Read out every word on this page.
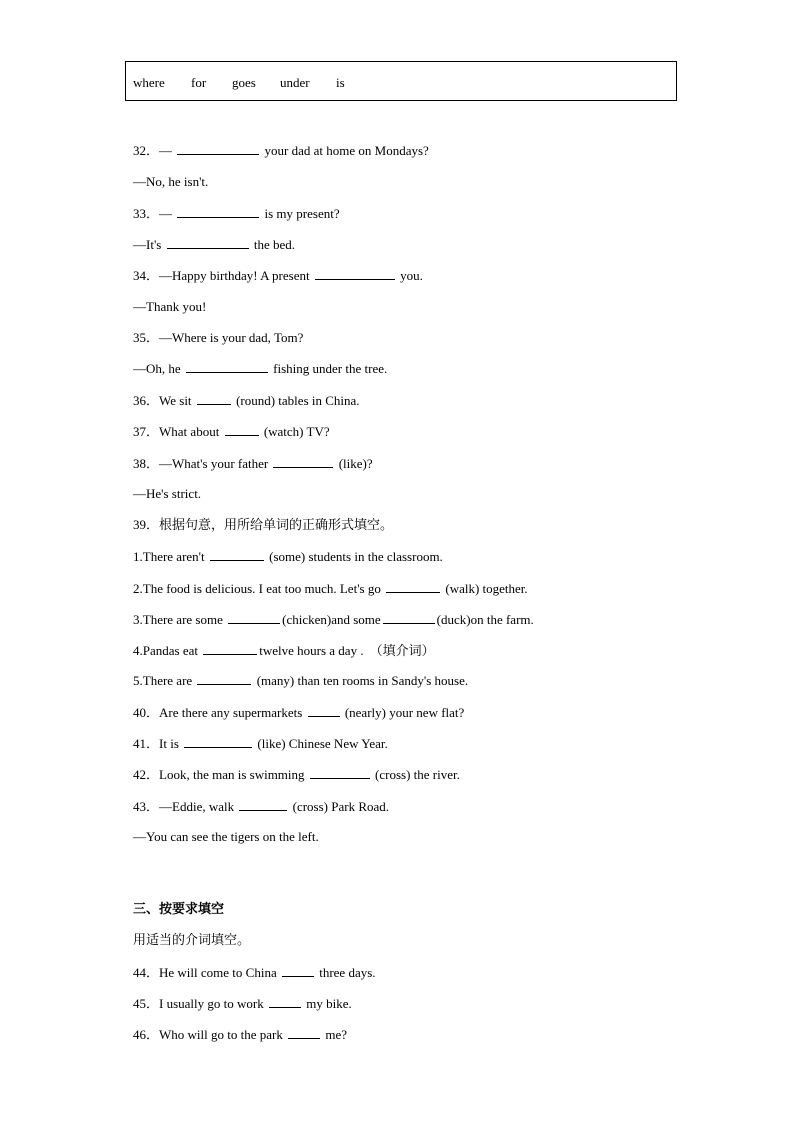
where for goes under is
32．—	your dad at home on Mondays?
—No, he isn't.
33．—	is my present?
—It's	the bed.
34．—Happy birthday! A present	you.
—Thank you!
35．—Where is your dad, Tom?
—Oh, he	fishing under the tree.
36．We sit	(round) tables in China.
37．What about	(watch) TV?
38．—What's your father	(like)?
—He's strict.
39．根据句意，用所给单词的正确形式填空。
1.There aren't	(some) students in the classroom.
2.The food is delicious. I eat too much. Let's go	(walk) together.
3.There are some	(chicken)and some	(duck)on the farm.
4.Pandas eat	twelve hours a day . （填介词）
5.There are	(many) than ten rooms in Sandy's house.
40．Are there any supermarkets	(nearly) your new flat?
41．It is	(like) Chinese New Year.
42．Look, the man is swimming	(cross) the river.
43．—Eddie, walk	(cross) Park Road.
—You can see the tigers on the left.
三、按要求填空
用适当的介词填空。
44．He will come to China	three days.
45．I usually go to work	my bike.
46．Who will go to the park	me?
